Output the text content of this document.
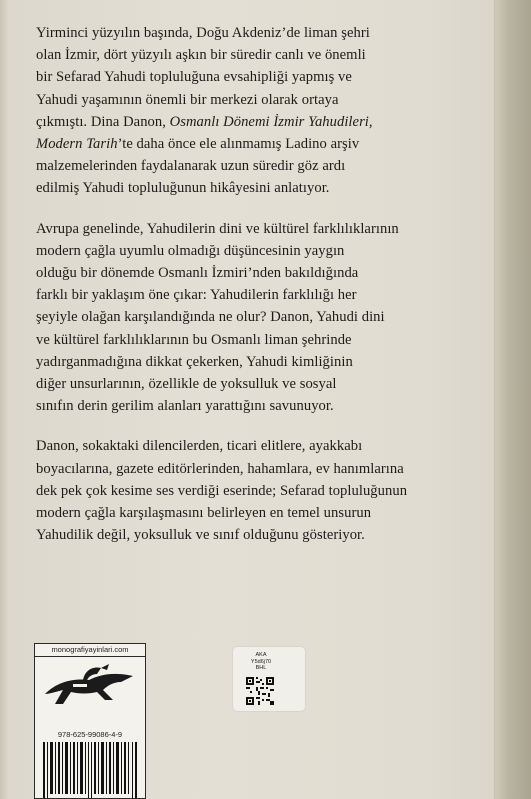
Yirminci yüzyılın başında, Doğu Akdeniz’de liman şehri
olan İzmir, dört yüzyılı aşkın bir süredir canlı ve önemli
bir Sefarad Yahudi topluluğuna evsahipliği yapmış ve
Yahudi yaşamının önemli bir merkezi olarak ortaya
çıkmıştı. Dina Danon, Osmanlı Dönemi İzmir Yahudileri,
Modern Tarih’te daha önce ele alınmamış Ladino arşiv
malzemelerinden faydalanarak uzun süredir göz ardı
edilmiş Yahudi topluluğunun hikâyesini anlatıyor.

Avrupa genelinde, Yahudilerin dini ve kültürel farklılıklarının
modern çağla uyumlu olmadığı düşüncesinin yaygın
olduğu bir dönemde Osmanlı İzmiri’nden bakıldığında
farklı bir yaklaşım öne çıkar: Yahudilerin farklılığı her
şeyiyle olağan karşılandığında ne olur? Danon, Yahudi dini
ve kültürel farklılıklarının bu Osmanlı liman şehrinde
yadırganmadığına dikkat çekerken, Yahudi kimliğinin
diğer unsurlarının, özellikle de yoksulluk ve sosyal
sınıfın derin gerilim alanları yarattığını savunuyor.

Danon, sokaktaki dilencilerden, ticari elitlere, ayakkabı
boyacılarına, gazete editörlerinden, hahamlara, ev hanımlarına
dek pek çok kesime ses verdiği eserinde; Sefarad topluluğunun
modern çağla karşılaşmasını belirleyen en temel unsurun
Yahudilik değil, yoksulluk ve sınıf olduğunu gösteriyor.

monografiyayinlari.com
978-625-99086-4-9
AKA
Y5d6j70
BHL
